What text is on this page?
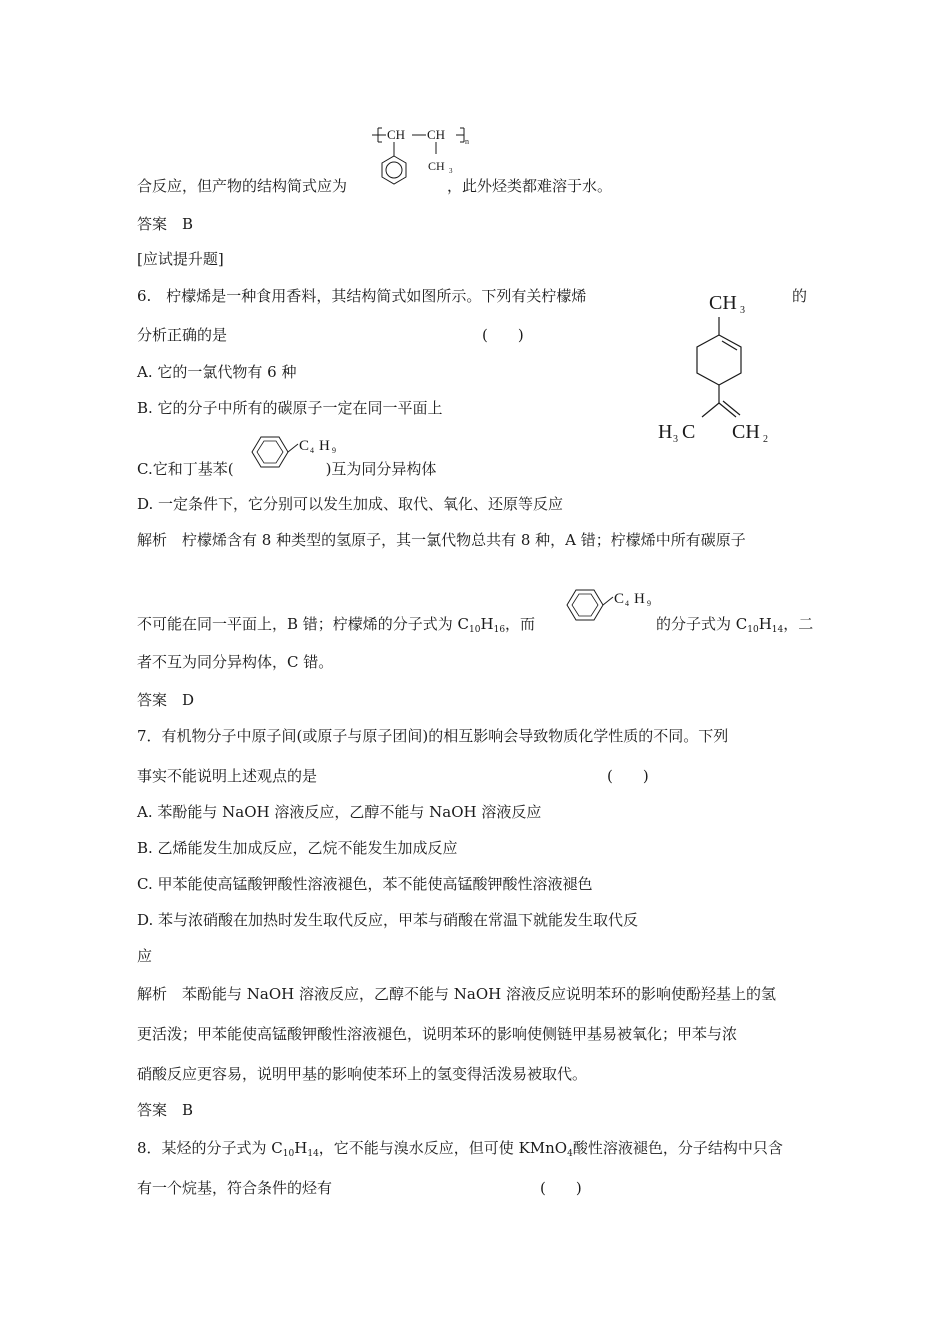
CH CH n
CH 3
合反应，但产物的结构简式应为	，此外烃类都难溶于水。
答案　 B
[应试提升题]
6.　柠檬烯是一种食用香料，其结构简式如图所示。下列有关柠檬烯	的
分析正确的是	(　　)
CH 3
H 3 C CH 2
A. 它的一氯代物有 6 种
B. 它的分子中所有的碳原子一定在同一平面上
C.它和丁基苯(	)互为同分异构体
C 4 H 9
D. 一定条件下，它分别可以发生加成、取代、氧化、还原等反应
解析　柠檬烯含有 8 种类型的氢原子，其一氯代物总共有 8 种，A 错；柠檬烯中所有碳原子
C 4 H 9
不可能在同一平面上，B 错；柠檬烯的分子式为 $C_{10}H_{16}$，而	的分子式为 $C_{10}H_{14}$，二
者不互为同分异构体，C 错。
答案　 D
7．有机物分子中原子间(或原子与原子团间)的相互影响会导致物质化学性质的不同。下列
事实不能说明上述观点的是	(　　)
A. 苯酚能与 NaOH 溶液反应，乙醇不能与 NaOH 溶液反应
B. 乙烯能发生加成反应，乙烷不能发生加成反应
C. 甲苯能使高锰酸钾酸性溶液褪色，苯不能使高锰酸钾酸性溶液褪色
D. 苯与浓硝酸在加热时发生取代反应，甲苯与硝酸在常温下就能发生取代反
应
解析　苯酚能与 NaOH 溶液反应，乙醇不能与 NaOH 溶液反应说明苯环的影响使酚羟基上的氢
更活泼；甲苯能使高锰酸钾酸性溶液褪色，说明苯环的影响使侧链甲基易被氧化；甲苯与浓
硝酸反应更容易，说明甲基的影响使苯环上的氢变得活泼易被取代。
答案　 B
8．某烃的分子式为 $C_{10}H_{14}$，它不能与溴水反应，但可使 KMnO$_4$酸性溶液褪色，分子结构中只含
有一个烷基，符合条件的烃有	(　　)
